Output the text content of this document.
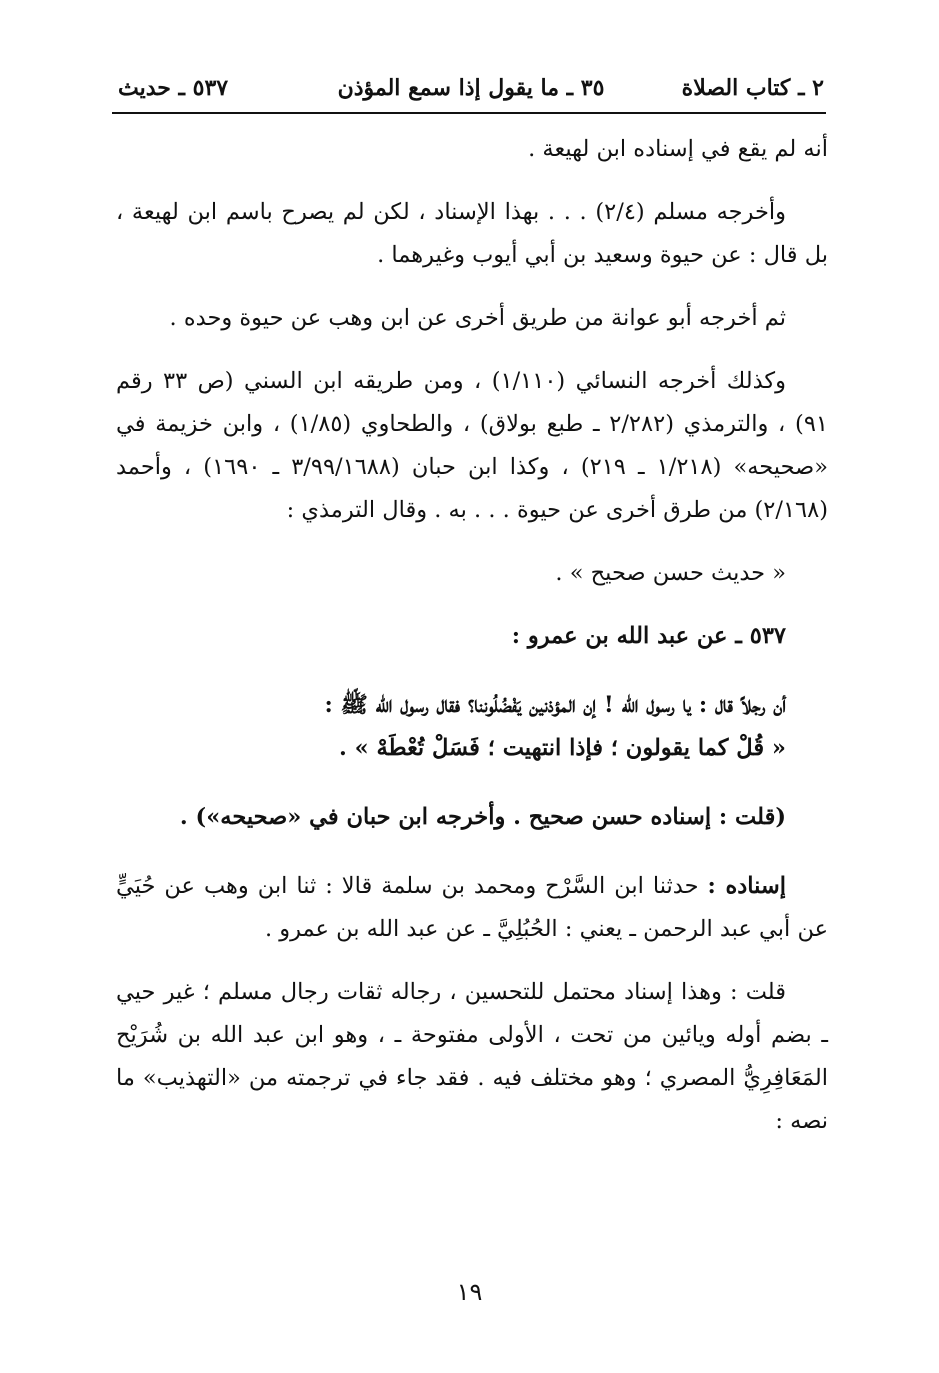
٢ ـ كتاب الصلاة
٣٥ ـ ما يقول إذا سمع المؤذن
٥٣٧ ـ حديث

أنه لم يقع في إسناده ابن لهيعة .

وأخرجه مسلم (٢/٤) . . . بهذا الإسناد ، لكن لم يصرح باسم ابن لهيعة ، بل قال : عن حيوة وسعيد بن أبي أيوب وغيرهما .

ثم أخرجه أبو عوانة من طريق أخرى عن ابن وهب عن حيوة وحده .

وكذلك أخرجه النسائي (١/١١٠) ، ومن طريقه ابن السني (ص ٣٣ رقم ٩١) ، والترمذي (٢/٢٨٢ ـ طبع بولاق) ، والطحاوي (١/٨٥) ، وابن خزيمة في «صحيحه» (١/٢١٨ ـ ٢١٩) ، وكذا ابن حبان (٣/٩٩/١٦٨٨ ـ ١٦٩٠) ، وأحمد (٢/١٦٨) من طرق أخرى عن حيوة . . . به . وقال الترمذي :

« حديث حسن صحيح » .

٥٣٧ ـ عن عبد الله بن عمرو :

أن رجلاً قال : يا رسول الله ! إن المؤذنين يَفْضُلُوننا؟ فقال رسول الله ﷺ :

« قُلْ كما يقولون ؛ فإذا انتهيت ؛ فَسَلْ تُعْطَهْ » .

(قلت : إسناده حسن صحيح . وأخرجه ابن حبان في «صحيحه») .

إسناده : حدثنا ابن السَّرْح ومحمد بن سلمة قالا : ثنا ابن وهب عن حُيَيٍّ عن أبي عبد الرحمن ـ يعني : الحُبُلِيَّ ـ عن عبد الله بن عمرو .

قلت : وهذا إسناد محتمل للتحسين ، رجاله ثقات رجال مسلم ؛ غير حيي ـ بضم أوله ويائين من تحت ، الأولى مفتوحة ـ ، وهو ابن عبد الله بن شُرَيْح المَعَافِرِيُّ المصري ؛ وهو مختلف فيه . فقد جاء في ترجمته من «التهذيب» ما نصه :

١٩
